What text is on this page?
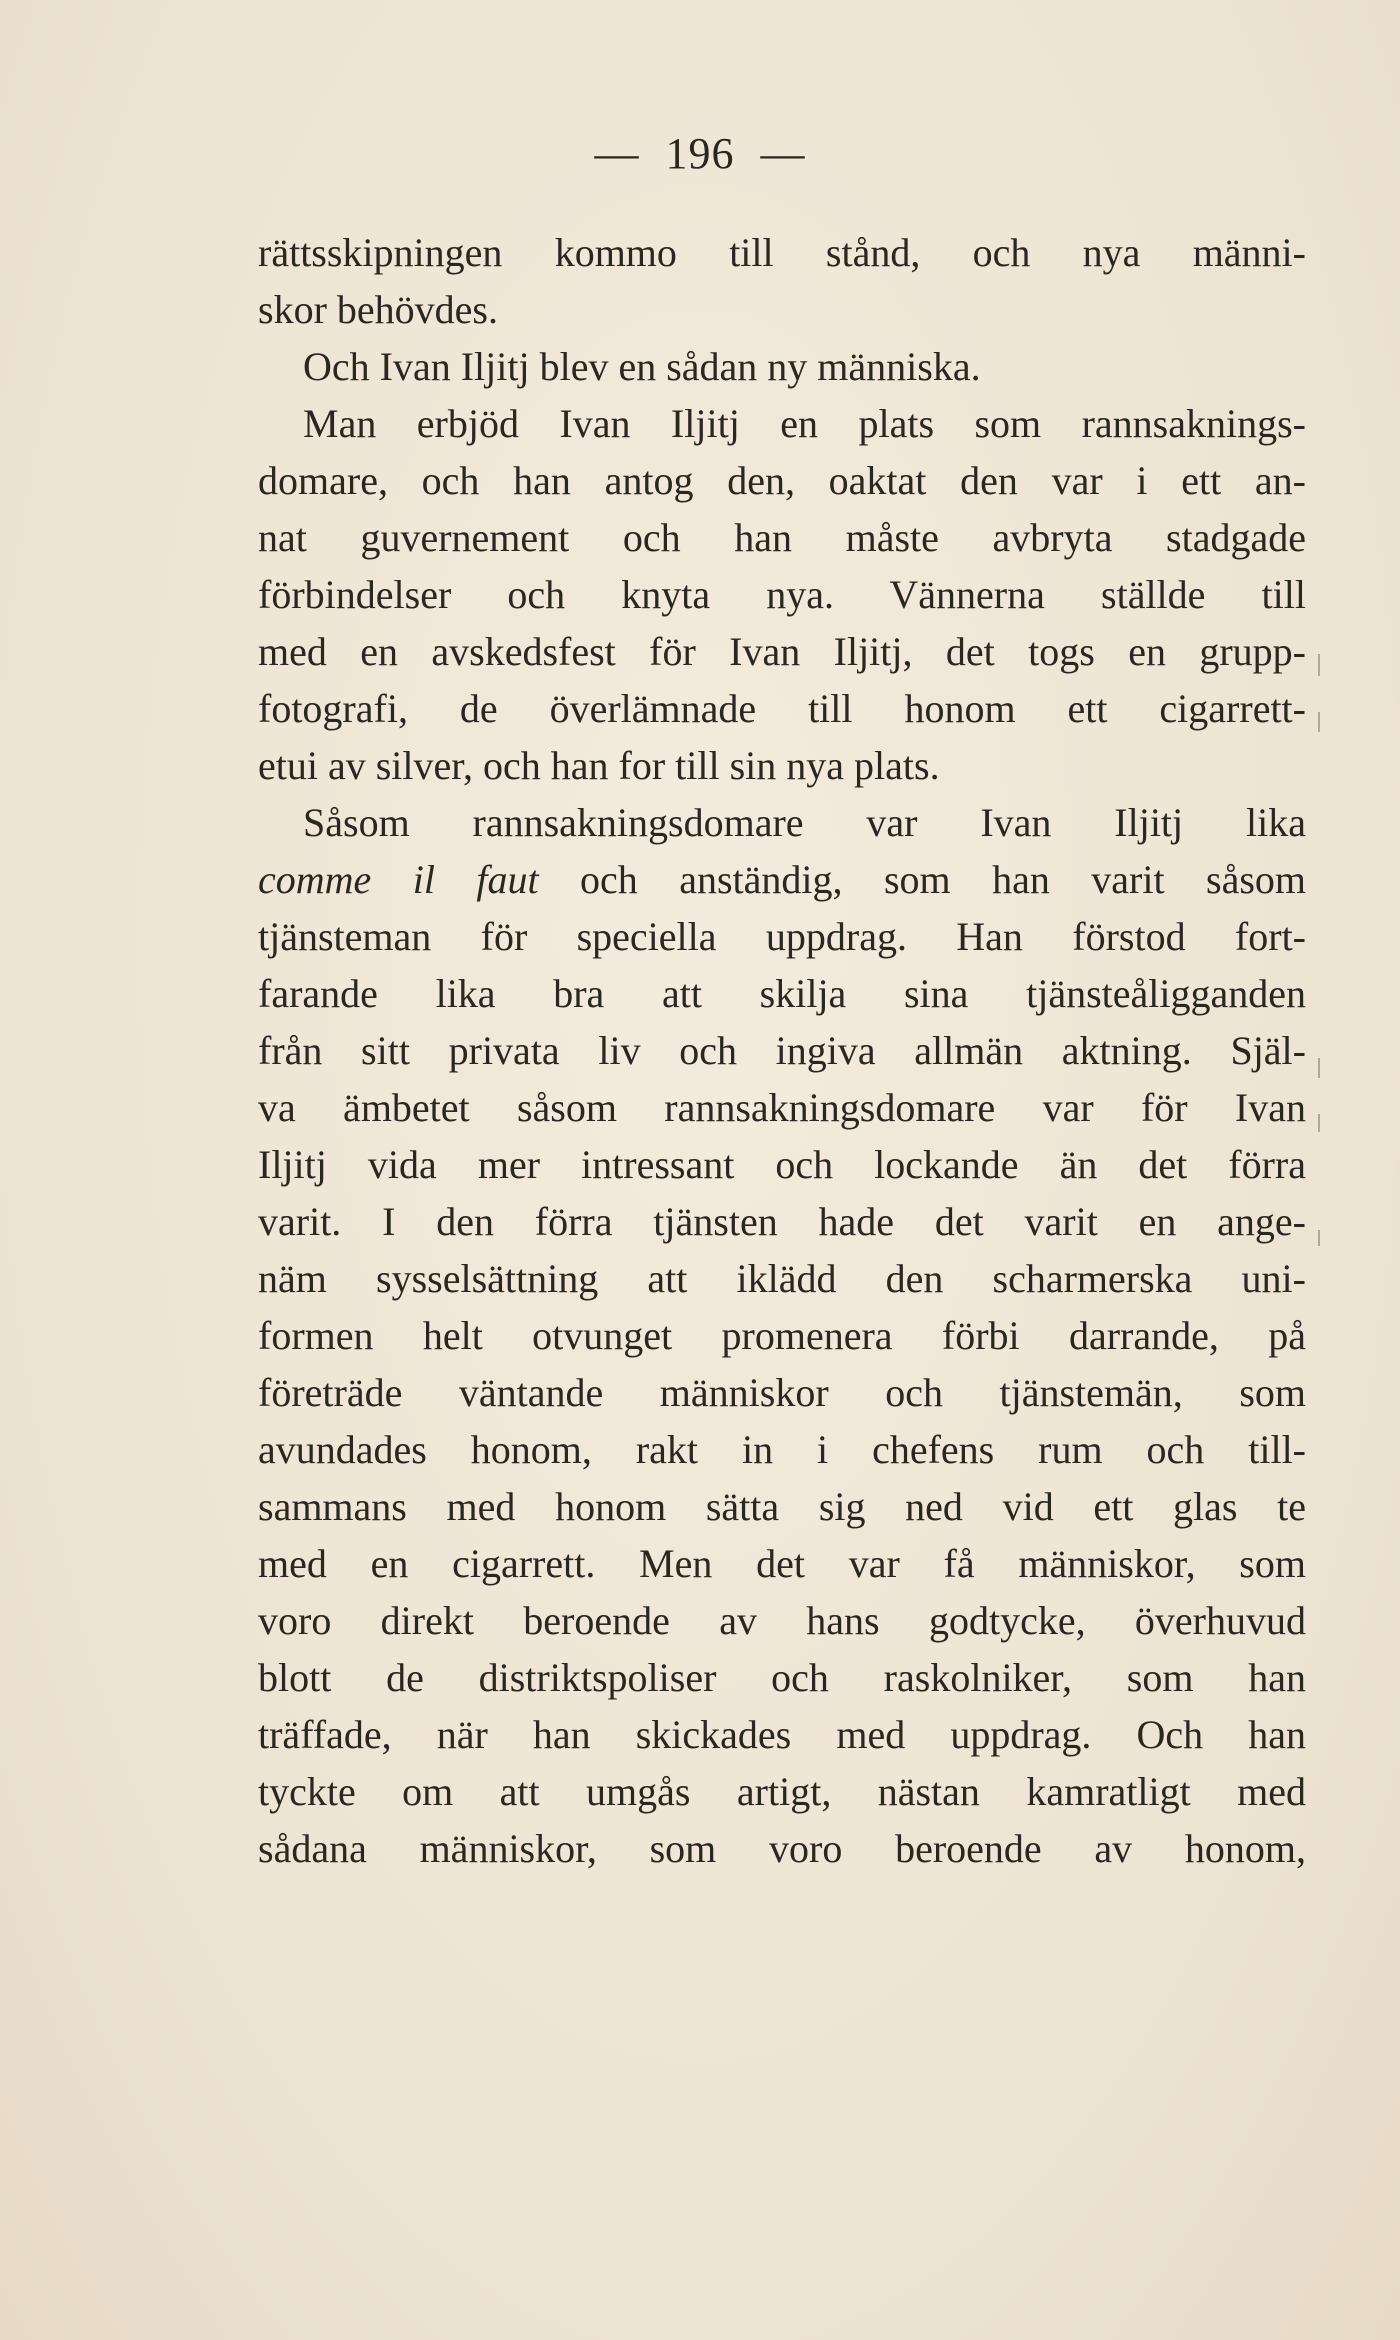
— 196 —
rättsskipningen kommo till stånd, och nya männi-
skor behövdes.
Och Ivan Iljitj blev en sådan ny människa.
Man erbjöd Ivan Iljitj en plats som rannsaknings-
domare, och han antog den, oaktat den var i ett an-
nat guvernement och han måste avbryta stadgade
förbindelser och knyta nya. Vännerna ställde till
med en avskedsfest för Ivan Iljitj, det togs en grupp-
fotografi, de överlämnade till honom ett cigarrett-
etui av silver, och han for till sin nya plats.
Såsom rannsakningsdomare var Ivan Iljitj lika
comme il faut och anständig, som han varit såsom
tjänsteman för speciella uppdrag. Han förstod fort-
farande lika bra att skilja sina tjänsteåligganden
från sitt privata liv och ingiva allmän aktning. Själ-
va ämbetet såsom rannsakningsdomare var för Ivan
Iljitj vida mer intressant och lockande än det förra
varit. I den förra tjänsten hade det varit en ange-
näm sysselsättning att iklädd den scharmerska uni-
formen helt otvunget promenera förbi darrande, på
företräde väntande människor och tjänstemän, som
avundades honom, rakt in i chefens rum och till-
sammans med honom sätta sig ned vid ett glas te
med en cigarrett. Men det var få människor, som
voro direkt beroende av hans godtycke, överhuvud
blott de distriktspoliser och raskolniker, som han
träffade, när han skickades med uppdrag. Och han
tyckte om att umgås artigt, nästan kamratligt med
sådana människor, som voro beroende av honom,
